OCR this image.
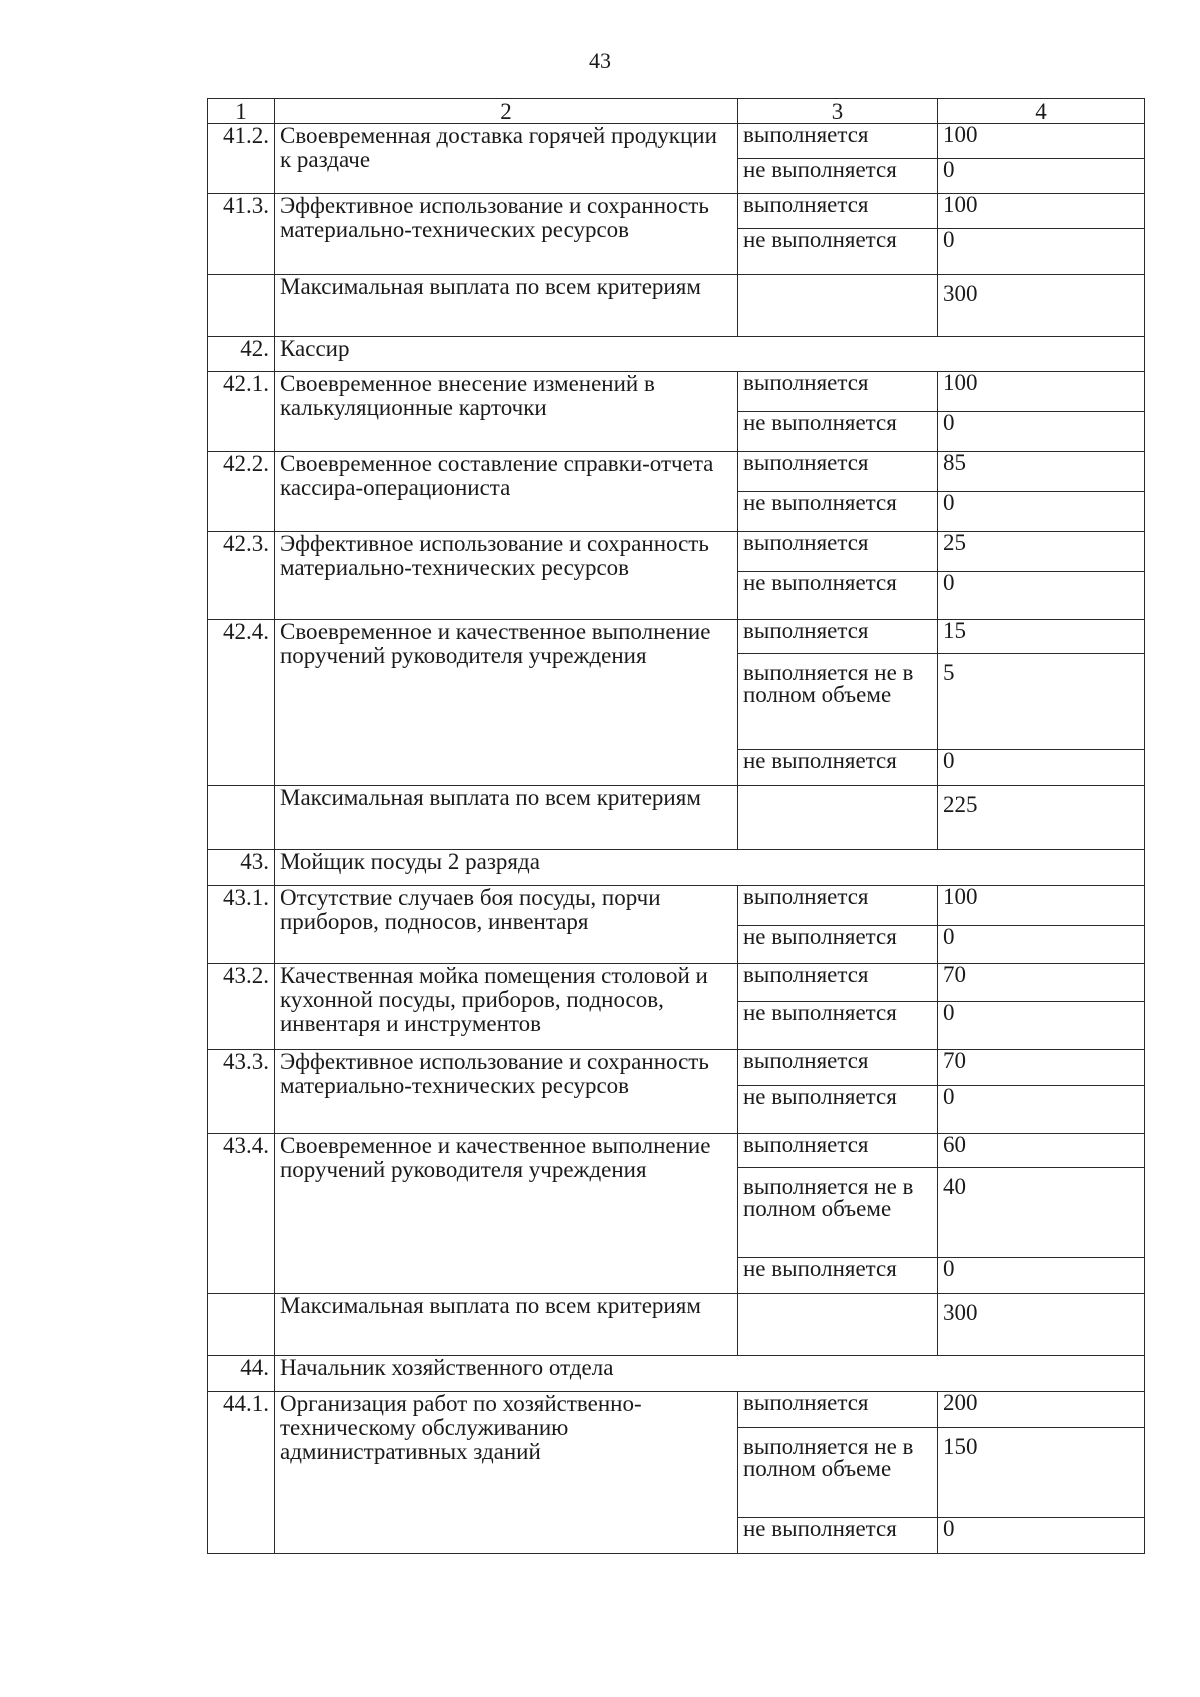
43
1	2	3	4
41.2.	Своевременная доставка горячей продукции к раздаче	выполняется	100
		не выполняется	0
41.3.	Эффективное использование и сохранность материально-технических ресурсов	выполняется	100
		не выполняется	0
	Максимальная выплата по всем критериям		300
42.	Кассир		
42.1.	Своевременное внесение изменений в калькуляционные карточки	выполняется	100
		не выполняется	0
42.2.	Своевременное составление справки-отчета кассира-операциониста	выполняется	85
		не выполняется	0
42.3.	Эффективное использование и сохранность материально-технических ресурсов	выполняется	25
		не выполняется	0
42.4.	Своевременное и качественное выполнение поручений руководителя учреждения	выполняется	15
		выполняется не в полном объеме	5
		не выполняется	0
	Максимальная выплата по всем критериям		225
43.	Мойщик посуды 2 разряда		
43.1.	Отсутствие случаев боя посуды, порчи приборов, подносов, инвентаря	выполняется	100
		не выполняется	0
43.2.	Качественная мойка помещения столовой и кухонной посуды, приборов, подносов, инвентаря и инструментов	выполняется	70
		не выполняется	0
43.3.	Эффективное использование и сохранность материально-технических ресурсов	выполняется	70
		не выполняется	0
43.4.	Своевременное и качественное выполнение поручений руководителя учреждения	выполняется	60
		выполняется не в полном объеме	40
		не выполняется	0
	Максимальная выплата по всем критериям		300
44.	Начальник хозяйственного отдела		
44.1.	Организация работ по хозяйственно-техническому обслуживанию административных зданий	выполняется	200
		выполняется не в полном объеме	150
		не выполняется	0
